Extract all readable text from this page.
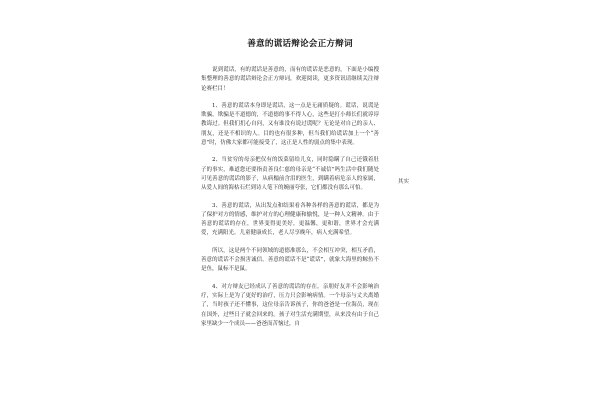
善意的谎话辩论会正方辩词

说到谎话，有的谎话是善意的，而有的谎话是恶意的，下面是小编搜集整理的善意的谎话辩论会正方辩词，欢迎阅读，更多资讯请继续关注辩论赛栏目！

1、善意的谎话本身即是谎话，这一点是无庸质疑的。谎话，说谎是欺骗，欺骗是不道德的，不道德的事不得人心，这些是打小师长们就谆谆教诲过。但我们扪心自问，又有谁没有说过谎呢？无论是对自己的亲人、朋友，还是不相识的人。目的也有很多种，但当我们给谎话加上一个“善意”时，仿佛大家都可能接受了，这正是人性的弱点的集中表现。

2、当贫穷的母亲把仅有的饭菜留给儿女，同时隐瞒了自己还饿着肚子的事实，难道您还要指责善良仁慈的母亲是“不诚信”吗生活中我们随处可见善意的谎话的影子，从病榻前含泪的医生，到瞒着病危亲人的家属，从爱人间的海枯石烂到诗人笔下的婉丽夸张，它们都没有那么可怕。

3、善意的谎话，从出发点和结果看各种各样的善意的谎话，都是为了保护对方的情感，维护对方的心理健康和愉悦，是一种人文精神。由于善意的谎话的存在，世界变得更美好，更温馨，更和谐，世界才会充满爱，充满阳光。儿童健康成长，老人尽享晚年，病人充满希望。

所以，这是两个不同领域的道德准那么，不会相互冲突，相互矛盾，善意的谎话不会损害诚信。善意的谎话不是“谎话”，就象大海里的鲸鱼不是鱼，鼠标不是鼠。

4、对方辩友已经成认了善意的谎话的存在。亲朋好友并不会影响治疗，实际上是为了更好的治疗，压力只会影响病情。一个母亲与丈夫离婚了，当时孩子还不懂事，这位母亲告诉孩子，你的爸爸是一位海员，现在在国外，过些日子就会回来的。孩子对生活充满期望，从来没有由于自己家里缺少一个成员——爸爸而苦恼过，自

其实
